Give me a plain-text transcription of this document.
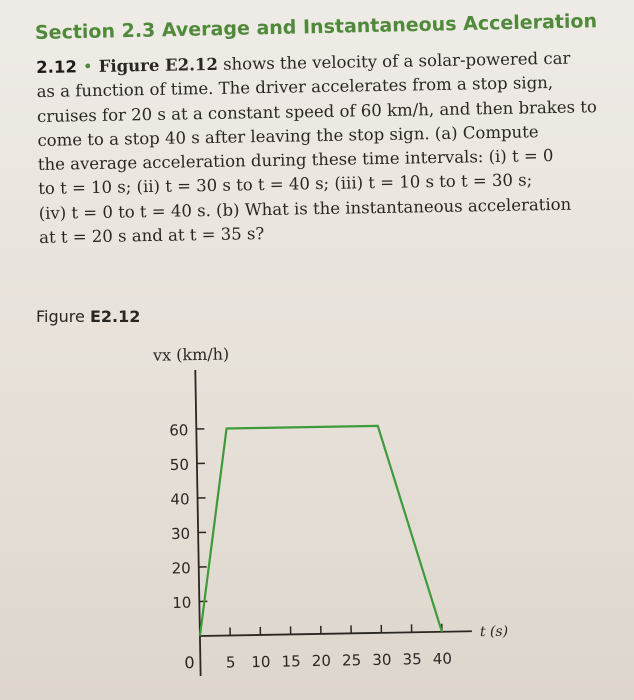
Section 2.3 Average and Instantaneous Acceleration
2.12 • Figure E2.12 shows the velocity of a solar-powered car
as a function of time. The driver accelerates from a stop sign,
cruises for 20 s at a constant speed of 60 km/h, and then brakes to
come to a stop 40 s after leaving the stop sign. (a) Compute
the average acceleration during these time intervals: (i) t = 0
to t = 10 s; (ii) t = 30 s to t = 40 s; (iii) t = 10 s to t = 30 s;
(iv) t = 0 to t = 40 s. (b) What is the instantaneous acceleration
at t = 20 s and at t = 35 s?
Figure E2.12
vx (km/h)
0
t (s)
10
20
30
40
50
60
5 10 15 20 25 30 35 40
